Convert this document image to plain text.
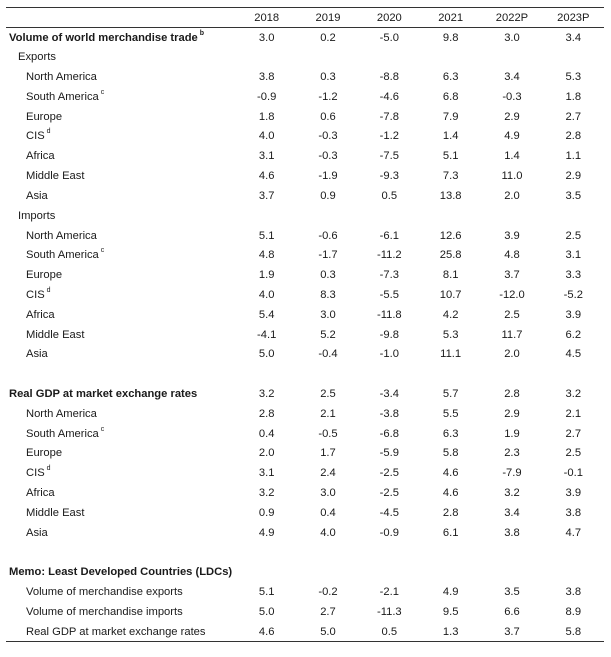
	2018	2019	2020	2021	2022P	2023P
Volume of world merchandise trade $^b$	3.0	0.2	-5.0	9.8	3.0	3.4
Exports						
North America	3.8	0.3	-8.8	6.3	3.4	5.3
South America $^c$	-0.9	-1.2	-4.6	6.8	-0.3	1.8
Europe	1.8	0.6	-7.8	7.9	2.9	2.7
CIS $^d$	4.0	-0.3	-1.2	1.4	4.9	2.8
Africa	3.1	-0.3	-7.5	5.1	1.4	1.1
Middle East	4.6	-1.9	-9.3	7.3	11.0	2.9
Asia	3.7	0.9	0.5	13.8	2.0	3.5
Imports						
North America	5.1	-0.6	-6.1	12.6	3.9	2.5
South America $^c$	4.8	-1.7	-11.2	25.8	4.8	3.1
Europe	1.9	0.3	-7.3	8.1	3.7	3.3
CIS $^d$	4.0	8.3	-5.5	10.7	-12.0	-5.2
Africa	5.4	3.0	-11.8	4.2	2.5	3.9
Middle East	-4.1	5.2	-9.8	5.3	11.7	6.2
Asia	5.0	-0.4	-1.0	11.1	2.0	4.5

Real GDP at market exchange rates	3.2	2.5	-3.4	5.7	2.8	3.2
North America	2.8	2.1	-3.8	5.5	2.9	2.1
South America $^c$	0.4	-0.5	-6.8	6.3	1.9	2.7
Europe	2.0	1.7	-5.9	5.8	2.3	2.5
CIS $^d$	3.1	2.4	-2.5	4.6	-7.9	-0.1
Africa	3.2	3.0	-2.5	4.6	3.2	3.9
Middle East	0.9	0.4	-4.5	2.8	3.4	3.8
Asia	4.9	4.0	-0.9	6.1	3.8	4.7

Memo: Least Developed Countries (LDCs)						
Volume of merchandise exports	5.1	-0.2	-2.1	4.9	3.5	3.8
Volume of merchandise imports	5.0	2.7	-11.3	9.5	6.6	8.9
Real GDP at market exchange rates	4.6	5.0	0.5	1.3	3.7	5.8
